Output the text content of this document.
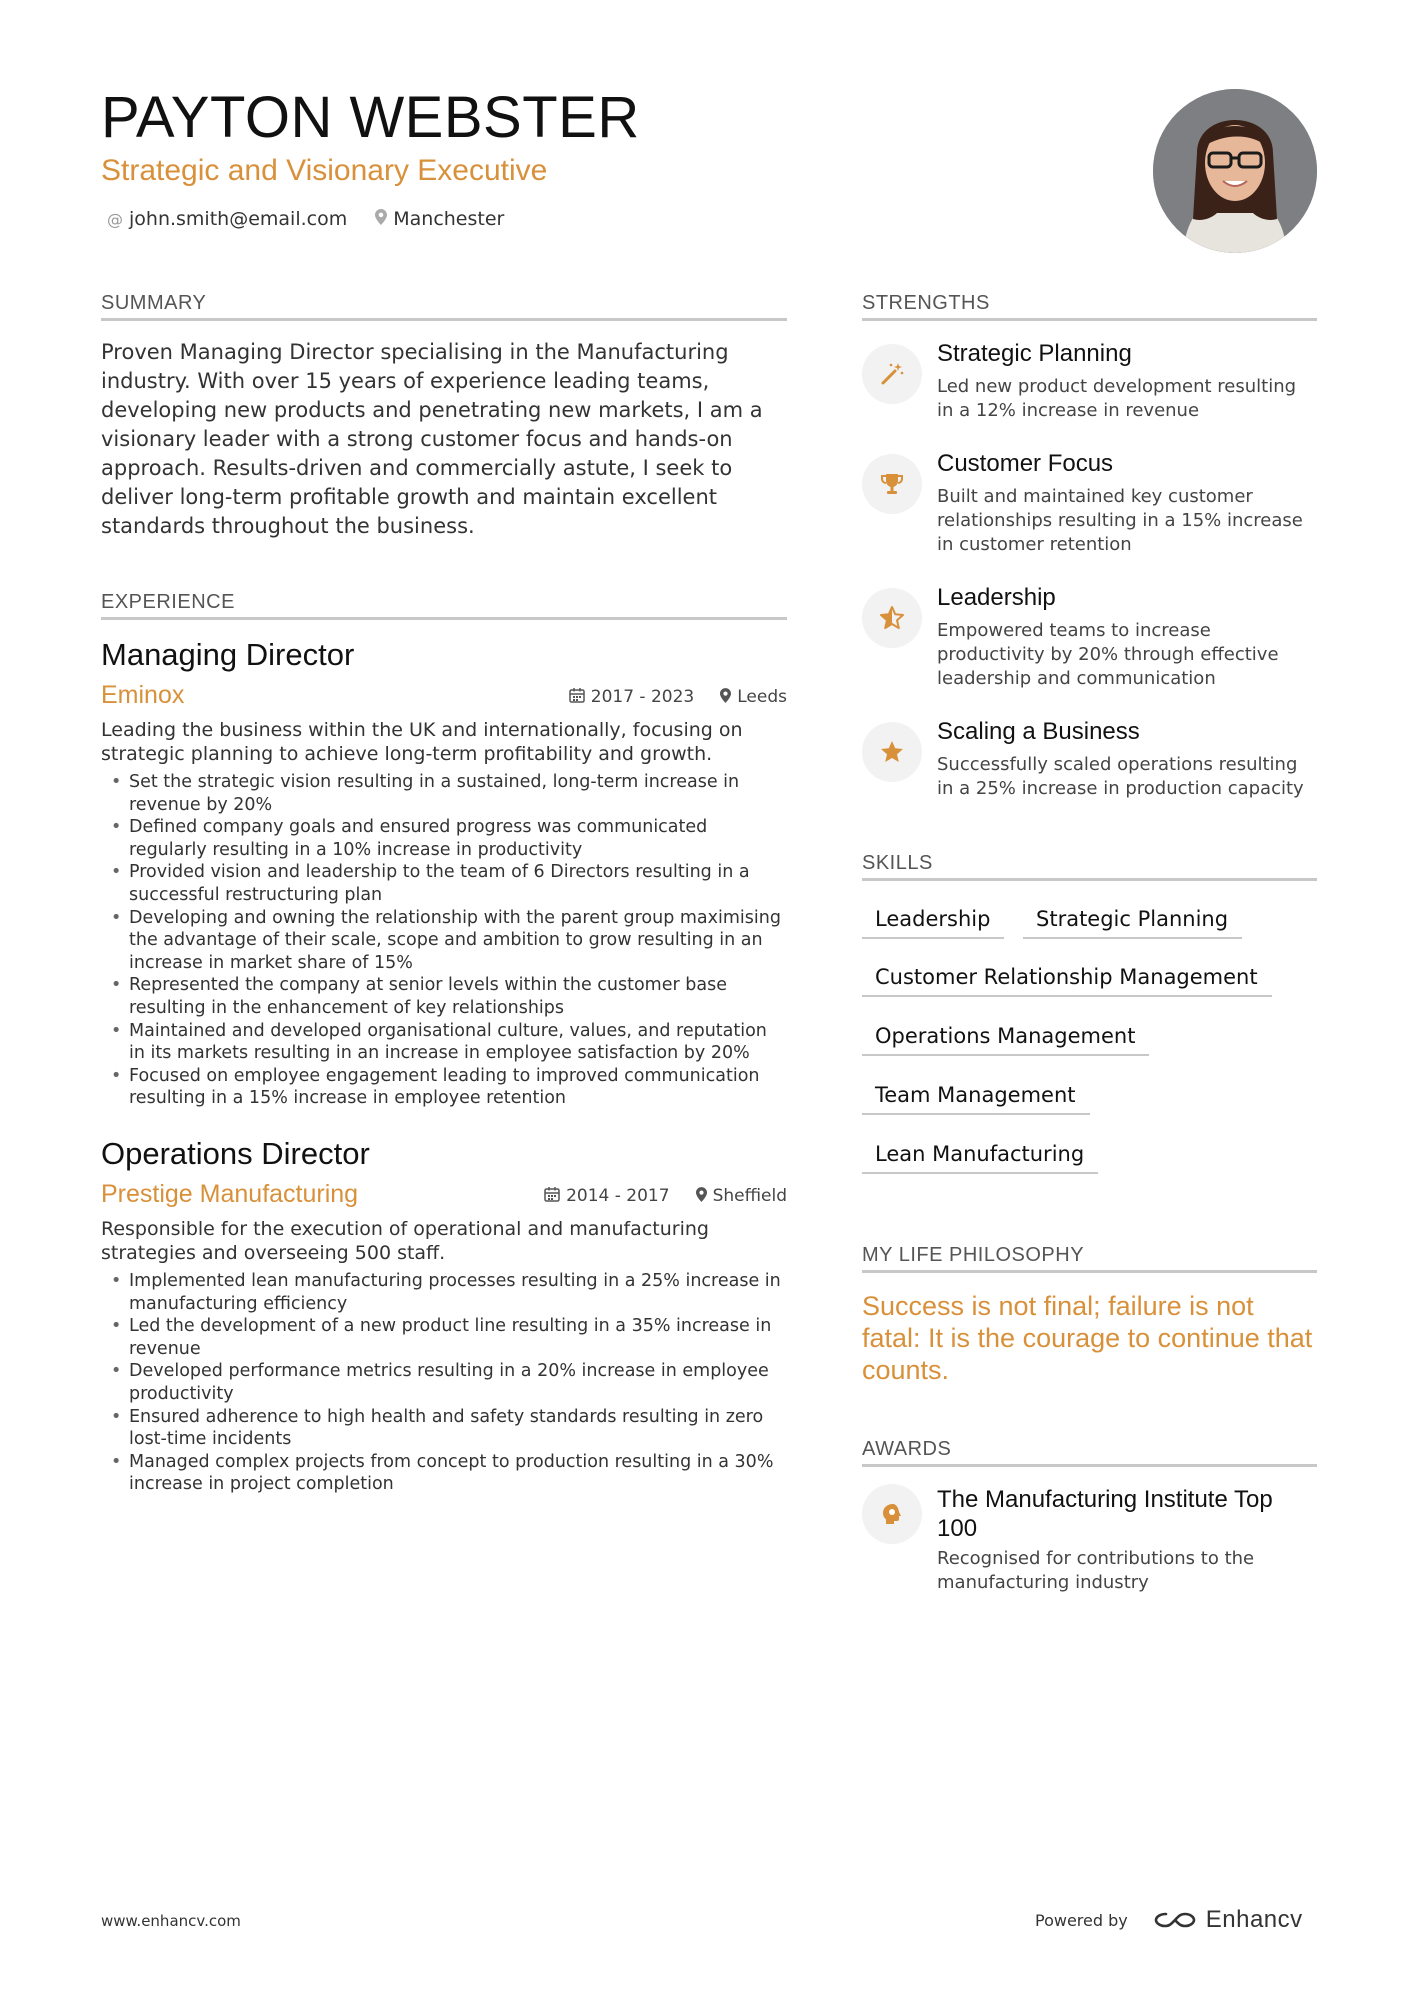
PAYTON WEBSTER
Strategic and Visionary Executive
@ john.smith@email.com Manchester
SUMMARY
Proven Managing Director specialising in the Manufacturing industry. With over 15 years of experience leading teams, developing new products and penetrating new markets, I am a visionary leader with a strong customer focus and hands-on approach. Results-driven and commercially astute, I seek to deliver long-term profitable growth and maintain excellent standards throughout the business.
EXPERIENCE
Managing Director
Eminox	2017 - 2023	Leeds
Leading the business within the UK and internationally, focusing on strategic planning to achieve long-term profitability and growth.
• Set the strategic vision resulting in a sustained, long-term increase in revenue by 20%
• Defined company goals and ensured progress was communicated regularly resulting in a 10% increase in productivity
• Provided vision and leadership to the team of 6 Directors resulting in a successful restructuring plan
• Developing and owning the relationship with the parent group maximising the advantage of their scale, scope and ambition to grow resulting in an increase in market share of 15%
• Represented the company at senior levels within the customer base resulting in the enhancement of key relationships
• Maintained and developed organisational culture, values, and reputation in its markets resulting in an increase in employee satisfaction by 20%
• Focused on employee engagement leading to improved communication resulting in a 15% increase in employee retention
Operations Director
Prestige Manufacturing	2014 - 2017	Sheffield
Responsible for the execution of operational and manufacturing strategies and overseeing 500 staff.
• Implemented lean manufacturing processes resulting in a 25% increase in manufacturing efficiency
• Led the development of a new product line resulting in a 35% increase in revenue
• Developed performance metrics resulting in a 20% increase in employee productivity
• Ensured adherence to high health and safety standards resulting in zero lost-time incidents
• Managed complex projects from concept to production resulting in a 30% increase in project completion
STRENGTHS
Strategic Planning
Led new product development resulting in a 12% increase in revenue
Customer Focus
Built and maintained key customer relationships resulting in a 15% increase in customer retention
Leadership
Empowered teams to increase productivity by 20% through effective leadership and communication
Scaling a Business
Successfully scaled operations resulting in a 25% increase in production capacity
SKILLS
Leadership	Strategic Planning
Customer Relationship Management
Operations Management
Team Management
Lean Manufacturing
MY LIFE PHILOSOPHY
Success is not final; failure is not fatal: It is the courage to continue that counts.
AWARDS
The Manufacturing Institute Top 100
Recognised for contributions to the manufacturing industry
www.enhancv.com	Powered by	Enhancv
